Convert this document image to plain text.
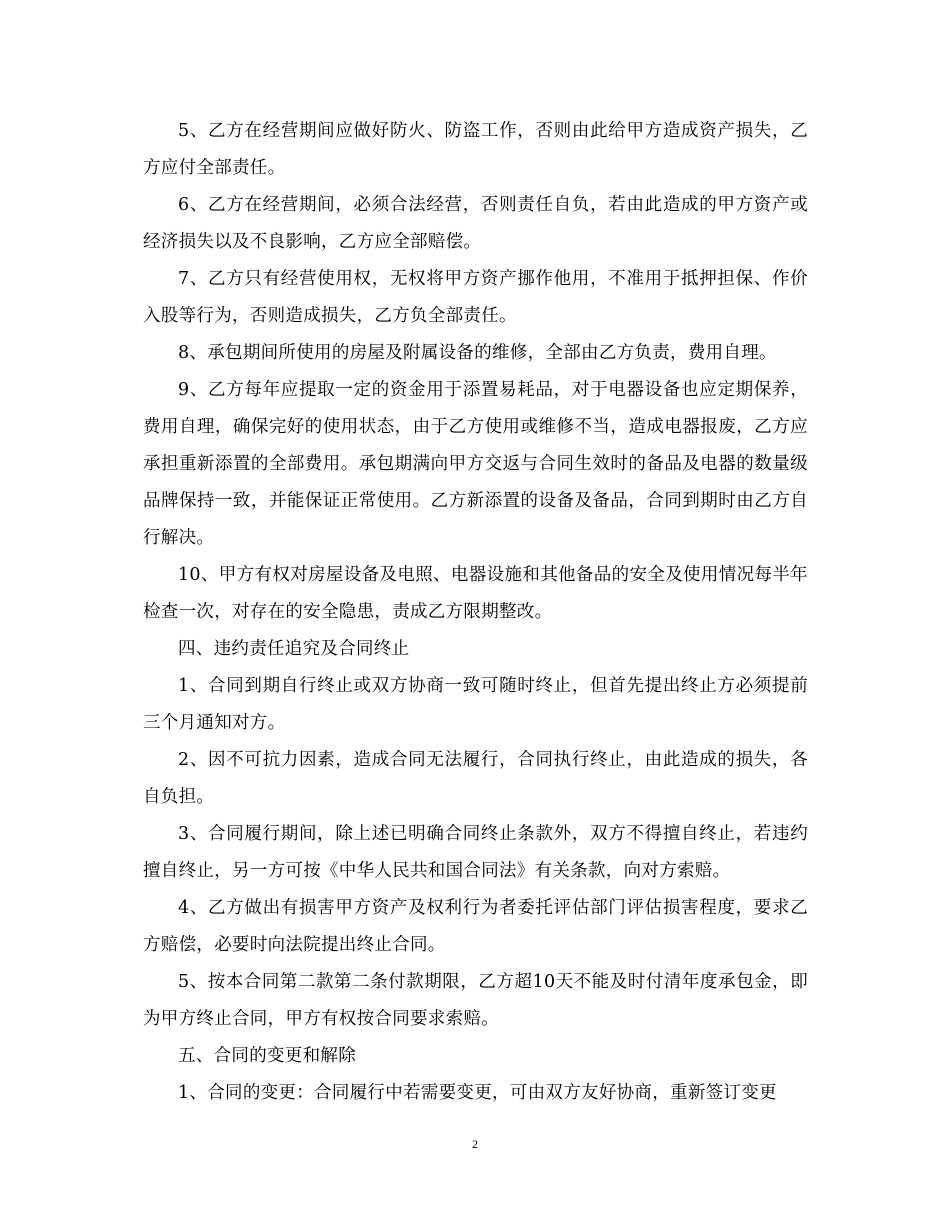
5、乙方在经营期间应做好防火、防盗工作，否则由此给甲方造成资产损失，乙方应付全部责任。

6、乙方在经营期间，必须合法经营，否则责任自负，若由此造成的甲方资产或经济损失以及不良影响，乙方应全部赔偿。

7、乙方只有经营使用权，无权将甲方资产挪作他用，不准用于抵押担保、作价入股等行为，否则造成损失，乙方负全部责任。

8、承包期间所使用的房屋及附属设备的维修，全部由乙方负责，费用自理。

9、乙方每年应提取一定的资金用于添置易耗品，对于电器设备也应定期保养，费用自理，确保完好的使用状态，由于乙方使用或维修不当，造成电器报废，乙方应承担重新添置的全部费用。承包期满向甲方交返与合同生效时的备品及电器的数量级品牌保持一致，并能保证正常使用。乙方新添置的设备及备品，合同到期时由乙方自行解决。

10、甲方有权对房屋设备及电照、电器设施和其他备品的安全及使用情况每半年检查一次，对存在的安全隐患，责成乙方限期整改。

四、违约责任追究及合同终止

1、合同到期自行终止或双方协商一致可随时终止，但首先提出终止方必须提前三个月通知对方。

2、因不可抗力因素，造成合同无法履行，合同执行终止，由此造成的损失，各自负担。

3、合同履行期间，除上述已明确合同终止条款外，双方不得擅自终止，若违约擅自终止，另一方可按《中华人民共和国合同法》有关条款，向对方索赔。

4、乙方做出有损害甲方资产及权利行为者委托评估部门评估损害程度，要求乙方赔偿，必要时向法院提出终止合同。

5、按本合同第二款第二条付款期限，乙方超10天不能及时付清年度承包金，即为甲方终止合同，甲方有权按合同要求索赔。

五、合同的变更和解除

1、合同的变更：合同履行中若需要变更，可由双方友好协商，重新签订变更

2
